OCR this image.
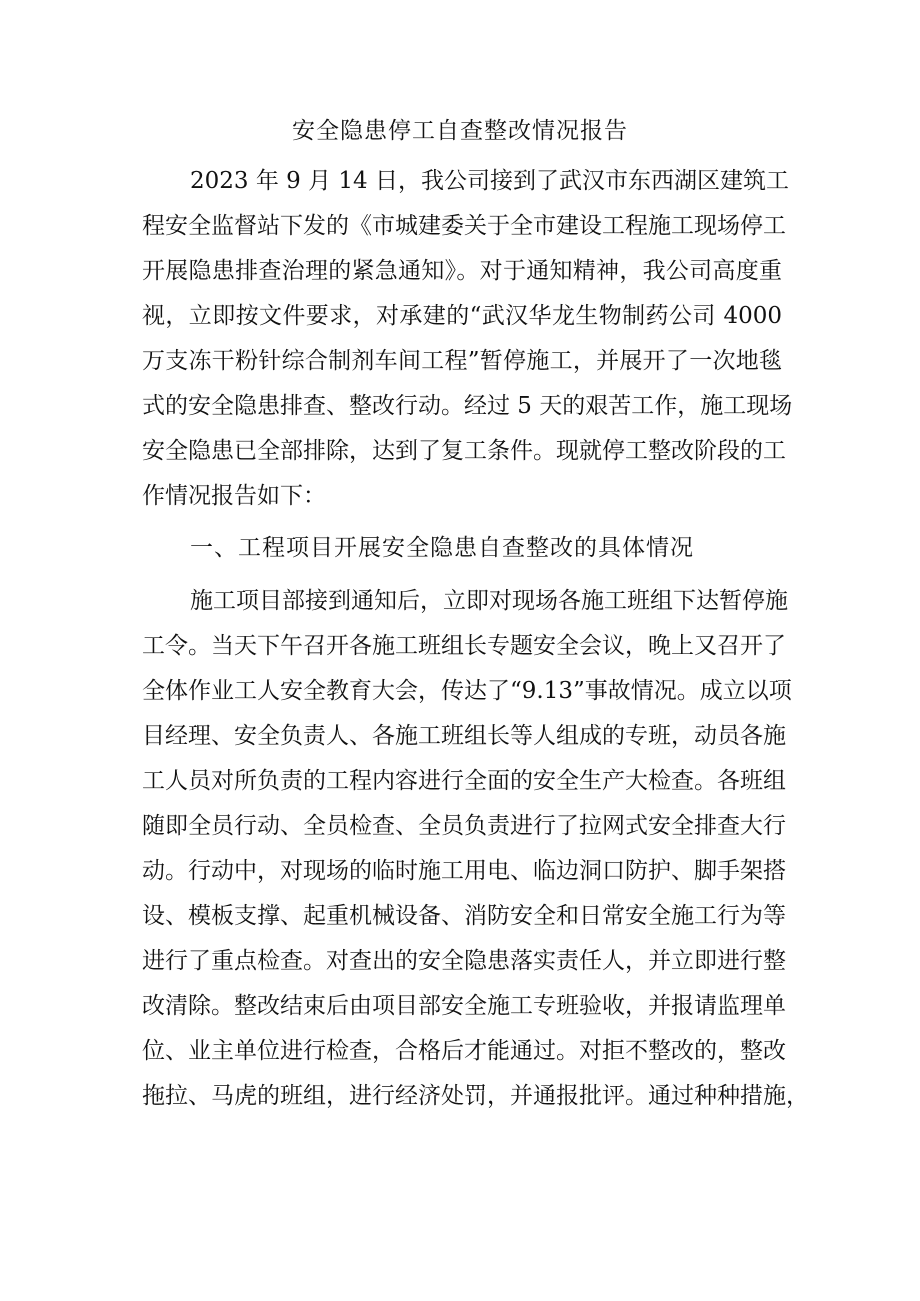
安全隐患停工自查整改情况报告
2023 年 9 月 14 日，我公司接到了武汉市东西湖区建筑工
程安全监督站下发的《市城建委关于全市建设工程施工现场停工
开展隐患排查治理的紧急通知》。对于通知精神，我公司高度重
视，立即按文件要求，对承建的“武汉华龙生物制药公司 4000
万支冻干粉针综合制剂车间工程”暂停施工，并展开了一次地毯
式的安全隐患排查、整改行动。经过 5 天的艰苦工作，施工现场
安全隐患已全部排除，达到了复工条件。现就停工整改阶段的工
作情况报告如下：
一、工程项目开展安全隐患自查整改的具体情况
施工项目部接到通知后，立即对现场各施工班组下达暂停施
工令。当天下午召开各施工班组长专题安全会议，晚上又召开了
全体作业工人安全教育大会，传达了“9.13”事故情况。成立以项
目经理、安全负责人、各施工班组长等人组成的专班，动员各施
工人员对所负责的工程内容进行全面的安全生产大检查。各班组
随即全员行动、全员检查、全员负责进行了拉网式安全排查大行
动。行动中，对现场的临时施工用电、临边洞口防护、脚手架搭
设、模板支撑、起重机械设备、消防安全和日常安全施工行为等
进行了重点检查。对查出的安全隐患落实责任人，并立即进行整
改清除。整改结束后由项目部安全施工专班验收，并报请监理单
位、业主单位进行检查，合格后才能通过。对拒不整改的，整改
拖拉、马虎的班组，进行经济处罚，并通报批评。通过种种措施，
